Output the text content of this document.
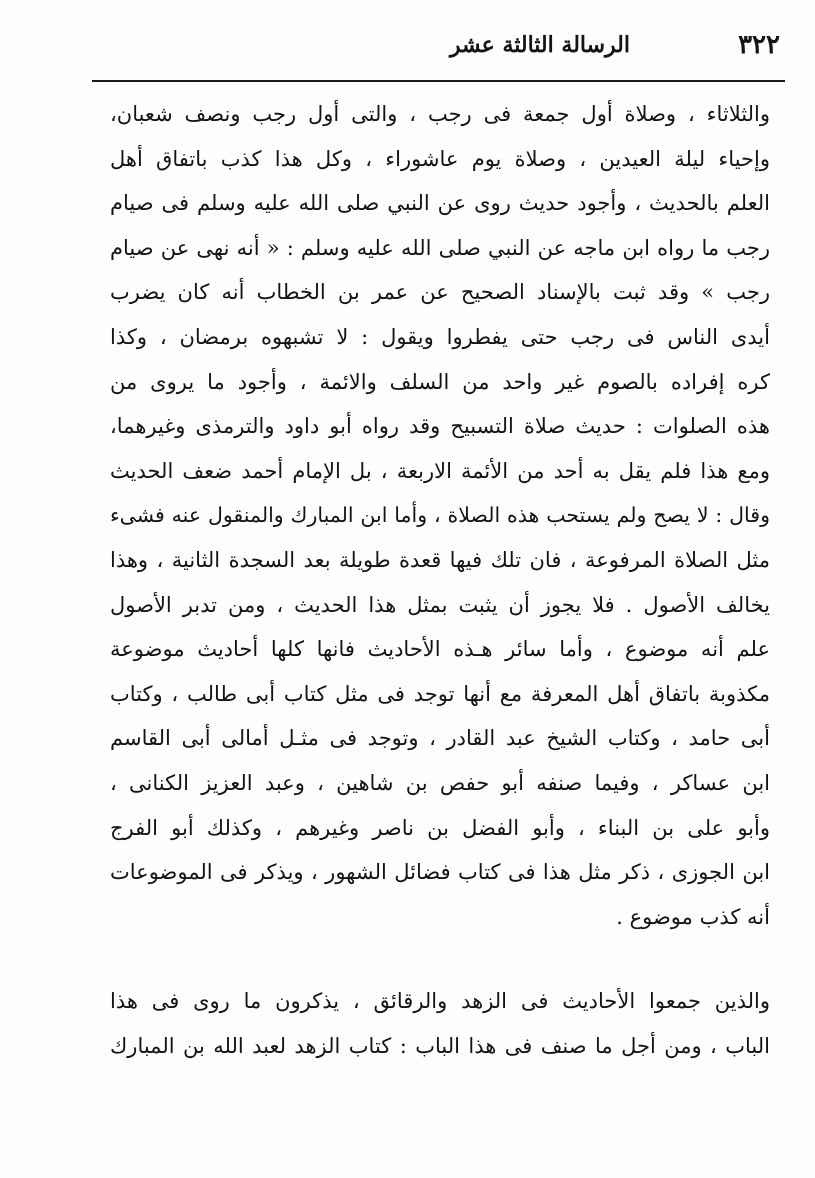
٣٢٢
الرسالة الثالثة عشر
والثلاثاء ، وصلاة أول جمعة فى رجب ، والتى أول رجب ونصف شعبان،
وإحياء ليلة العيدين ، وصلاة يوم عاشوراء ، وكل هذا كذب باتفاق أهل
العلم بالحديث ، وأجود حديث روى عن النبي صلى الله عليه وسلم فى صيام
رجب ما رواه ابن ماجه عن النبي صلى الله عليه وسلم : « أنه نهى عن صيام
رجب » وقد ثبت بالإسناد الصحيح عن عمر بن الخطاب أنه كان يضرب
أيدى الناس فى رجب حتى يفطروا ويقول : لا تشبهوه برمضان ، وكذا
كره إفراده بالصوم غير واحد من السلف والائمة ، وأجود ما يروى من
هذه الصلوات : حديث صلاة التسبيح وقد رواه أبو داود والترمذى وغيرهما،
ومع هذا فلم يقل به أحد من الأئمة الاربعة ، بل الإمام أحمد ضعف الحديث
وقال : لا يصح ولم يستحب هذه الصلاة ، وأما ابن المبارك والمنقول عنه فشىء
مثل الصلاة المرفوعة ، فان تلك فيها قعدة طويلة بعد السجدة الثانية ، وهذا
يخالف الأصول . فلا يجوز أن يثبت بمثل هذا الحديث ، ومن تدبر الأصول
علم أنه موضوع ، وأما سائر هـذه الأحاديث فانها كلها أحاديث موضوعة
مكذوبة باتفاق أهل المعرفة مع أنها توجد فى مثل كتاب أبى طالب ، وكتاب
أبى حامد ، وكتاب الشيخ عبد القادر ، وتوجد فى مثـل أمالى أبى القاسم
ابن عساكر ، وفيما صنفه أبو حفص بن شاهين ، وعبد العزيز الكنانى ،
وأبو على بن البناء ، وأبو الفضل بن ناصر وغيرهم ، وكذلك أبو الفرج
ابن الجوزى ، ذكر مثل هذا فى كتاب فضائل الشهور ، ويذكر فى الموضوعات
أنه كذب موضوع .
والذين جمعوا الأحاديث فى الزهد والرقائق ، يذكرون ما روى فى هذا
الباب ، ومن أجل ما صنف فى هذا الباب : كتاب الزهد لعبد الله بن المبارك
